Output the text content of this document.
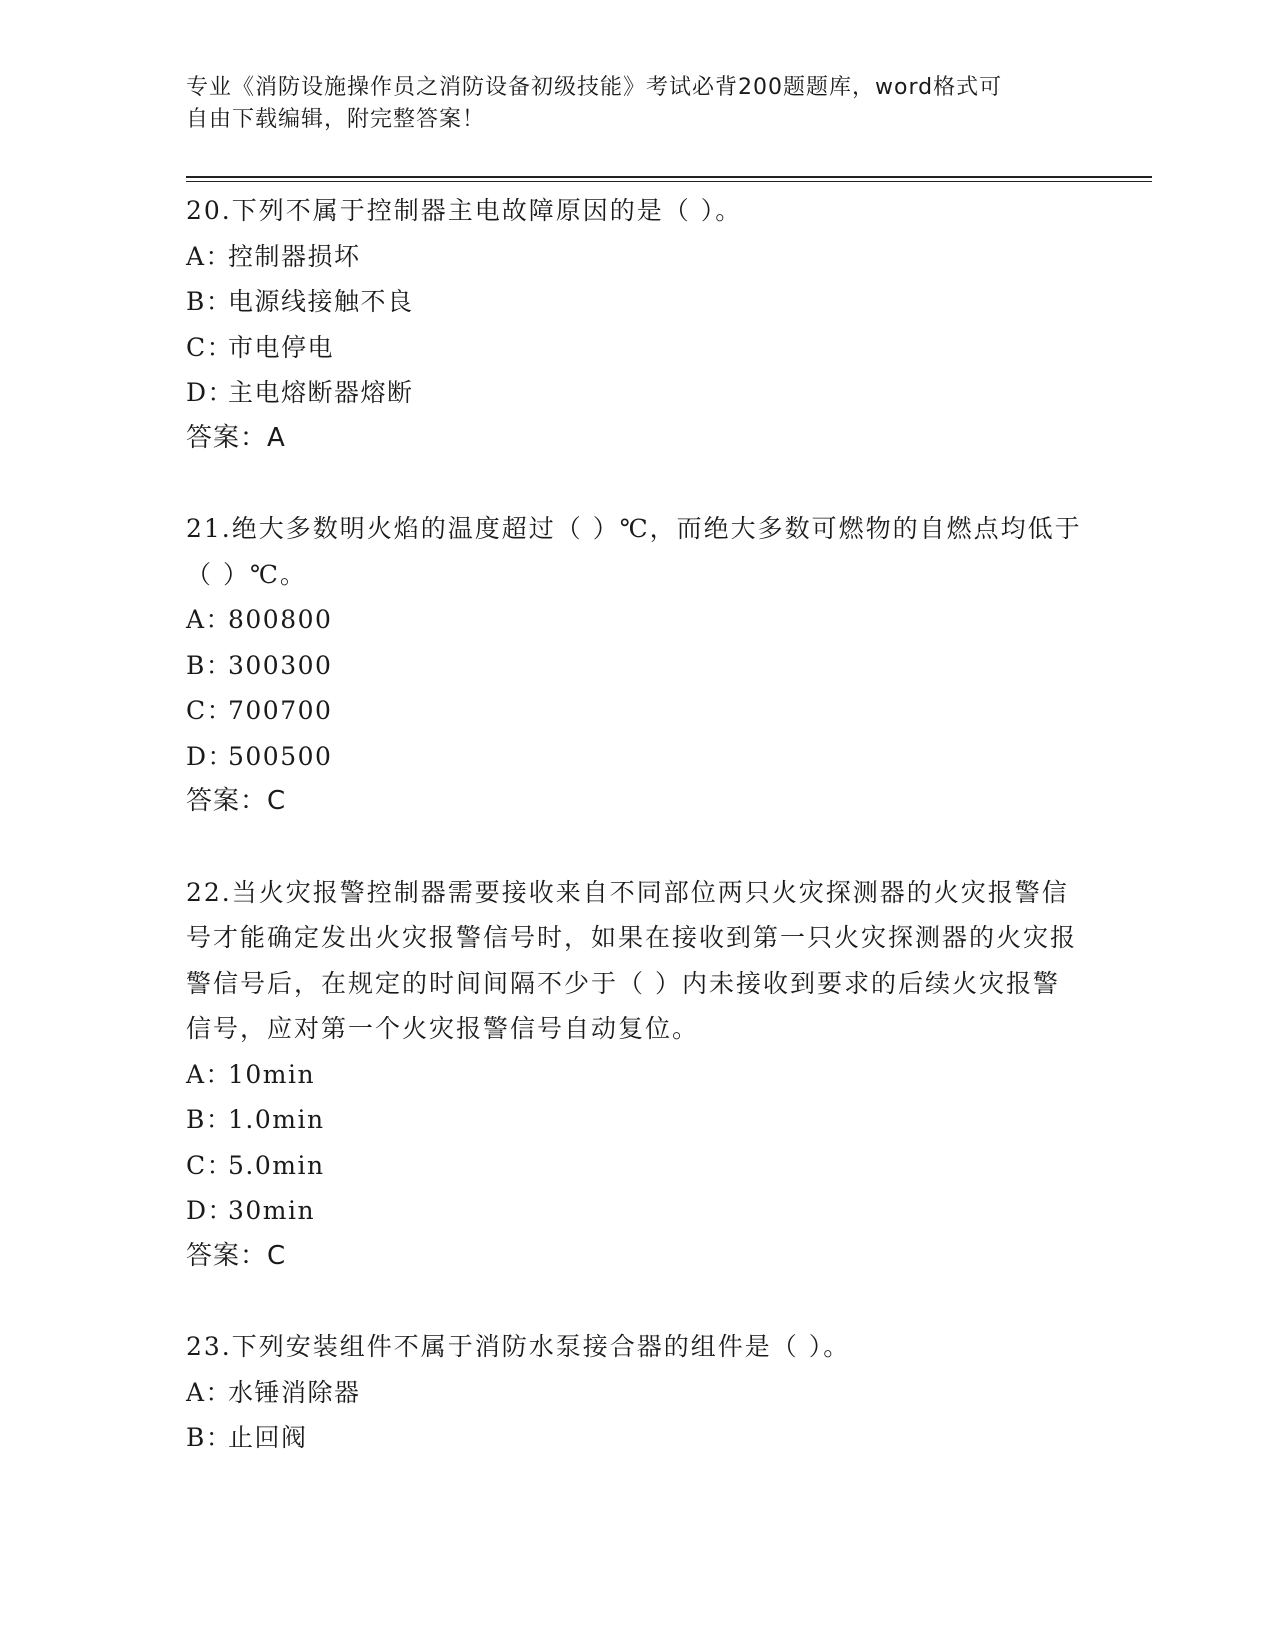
专业《消防设施操作员之消防设备初级技能》考试必背200题题库，word格式可
自由下载编辑，附完整答案！
20.下列不属于控制器主电故障原因的是（ ）。
A：控制器损坏
B：电源线接触不良
C：市电停电
D：主电熔断器熔断
答案：A
21.绝大多数明火焰的温度超过（ ）℃，而绝大多数可燃物的自燃点均低于（ ）℃。
A：800800
B：300300
C：700700
D：500500
答案：C
22.当火灾报警控制器需要接收来自不同部位两只火灾探测器的火灾报警信号才能确定发出火灾报警信号时，如果在接收到第一只火灾探测器的火灾报警信号后，在规定的时间间隔不少于（ ）内未接收到要求的后续火灾报警信号，应对第一个火灾报警信号自动复位。
A：10min
B：1.0min
C：5.0min
D：30min
答案：C
23.下列安装组件不属于消防水泵接合器的组件是（ ）。
A：水锤消除器
B：止回阀
